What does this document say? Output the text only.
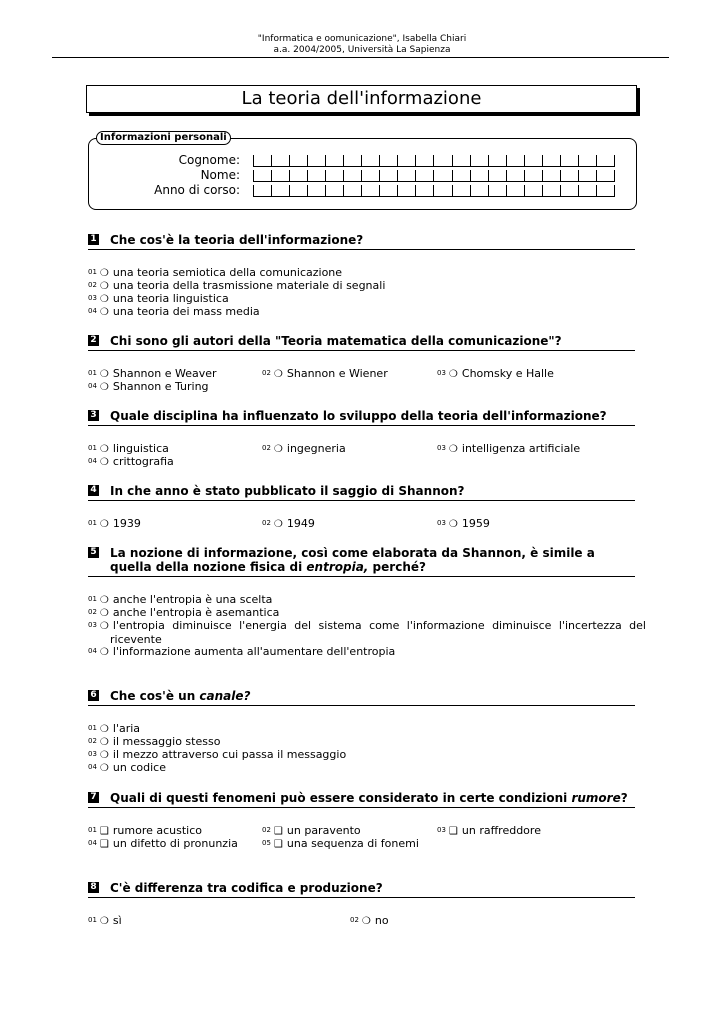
"Informatica e oomunicazione", Isabella Chiari
a.a. 2004/2005, Università La Sapienza
La teoria dell'informazione
Informazioni personali
Cognome:
Nome:
Anno di corso:
1 Che cos'è la teoria dell'informazione?
$^{01}$ ❍ una teoria semiotica della comunicazione
$^{02}$ ❍ una teoria della trasmissione materiale di segnali
$^{03}$ ❍ una teoria linguistica
$^{04}$ ❍ una teoria dei mass media
2 Chi sono gli autori della "Teoria matematica della comunicazione"?
$^{01}$ ❍ Shannon e Weaver	$^{02}$ ❍ Shannon e Wiener	$^{03}$ ❍ Chomsky e Halle
$^{04}$ ❍ Shannon e Turing
3 Quale disciplina ha influenzato lo sviluppo della teoria dell'informazione?
$^{01}$ ❍ linguistica	$^{02}$ ❍ ingegneria	$^{03}$ ❍ intelligenza artificiale
$^{04}$ ❍ crittografia
4 In che anno è stato pubblicato il saggio di Shannon?
$^{01}$ ❍ 1939	$^{02}$ ❍ 1949	$^{03}$ ❍ 1959
5 La nozione di informazione, così come elaborata da Shannon, è simile a quella della nozione fisica di entropia, perché?
$^{01}$ ❍ anche l'entropia è una scelta
$^{02}$ ❍ anche l'entropia è asemantica
$^{03}$ ❍ l'entropia diminuisce l'energia del sistema come l'informazione diminuisce l'incertezza del ricevente
$^{04}$ ❍ l'informazione aumenta all'aumentare dell'entropia
6 Che cos'è un canale?
$^{01}$ ❍ l'aria
$^{02}$ ❍ il messaggio stesso
$^{03}$ ❍ il mezzo attraverso cui passa il messaggio
$^{04}$ ❍ un codice
7 Quali di questi fenomeni può essere considerato in certe condizioni rumore?
$^{01}$ ❑ rumore acustico	$^{02}$ ❑ un paravento	$^{03}$ ❑ un raffreddore
$^{04}$ ❑ un difetto di pronunzia	$^{05}$ ❑ una sequenza di fonemi
8 C'è differenza tra codifica e produzione?
$^{01}$ ❍ sì	$^{02}$ ❍ no
